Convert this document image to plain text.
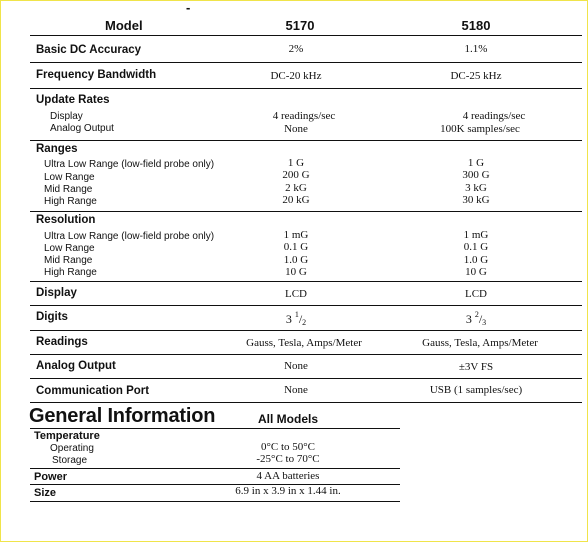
-
Model	5170	5180
Basic DC Accuracy	2%	1.1%
Frequency Bandwidth	DC-20 kHz	DC-25 kHz
Update Rates
Display	4 readings/sec	4 readings/sec
Analog Output	None	100K samples/sec
Ranges
Ultra Low Range (low-field probe only)	1 G	1 G
Low Range	200 G	300 G
Mid Range	2 kG	3 kG
High Range	20 kG	30 kG
Resolution
Ultra Low Range (low-field probe only)	1 mG	1 mG
Low Range	0.1 G	0.1 G
Mid Range	1.0 G	1.0 G
High Range	10 G	10 G
Display	LCD	LCD
Digits	3 $^1/_2$	3 $^2/_3$
Readings	Gauss, Tesla, Amps/Meter	Gauss, Tesla, Amps/Meter
Analog Output	None	±3V FS
Communication Port	None	USB (1 samples/sec)
General Information	All Models
Temperature
Operating	0°C to 50°C
Storage	-25°C to 70°C
Power	4 AA batteries
Size	6.9 in x 3.9 in x 1.44 in.
